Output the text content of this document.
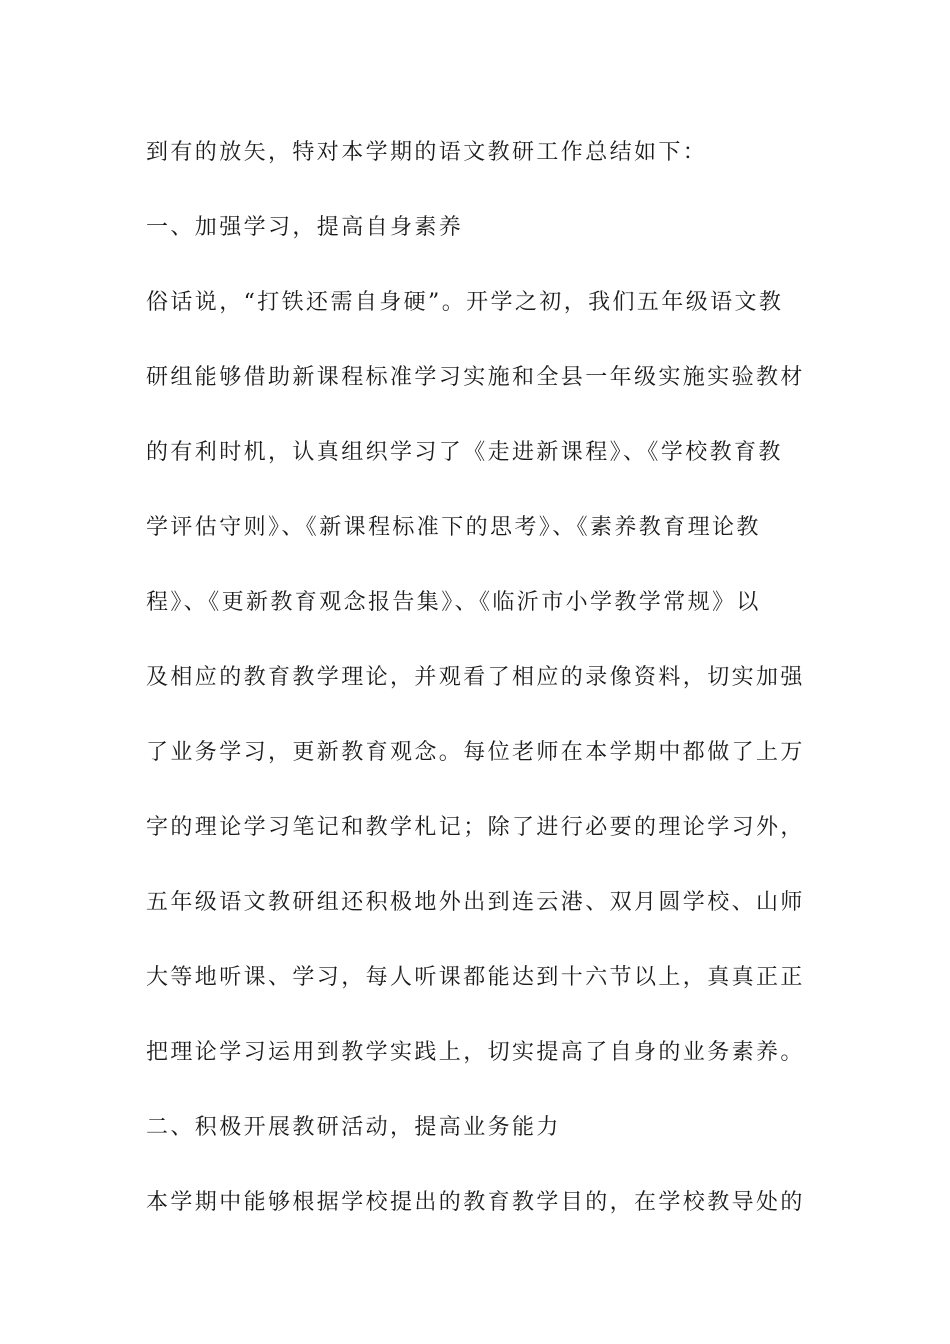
到有的放矢，特对本学期的语文教研工作总结如下：
一、加强学习，提高自身素养
俗话说，“打铁还需自身硬”。开学之初，我们五年级语文教
研组能够借助新课程标准学习实施和全县一年级实施实验教材
的有利时机，认真组织学习了《走进新课程》、《学校教育教
学评估守则》、《新课程标准下的思考》、《素养教育理论教
程》、《更新教育观念报告集》、《临沂市小学教学常规》以
及相应的教育教学理论，并观看了相应的录像资料，切实加强
了业务学习，更新教育观念。每位老师在本学期中都做了上万
字的理论学习笔记和教学札记；除了进行必要的理论学习外，
五年级语文教研组还积极地外出到连云港、双月圆学校、山师
大等地听课、学习，每人听课都能达到十六节以上，真真正正
把理论学习运用到教学实践上，切实提高了自身的业务素养。
二、积极开展教研活动，提高业务能力
本学期中能够根据学校提出的教育教学目的，在学校教导处的
